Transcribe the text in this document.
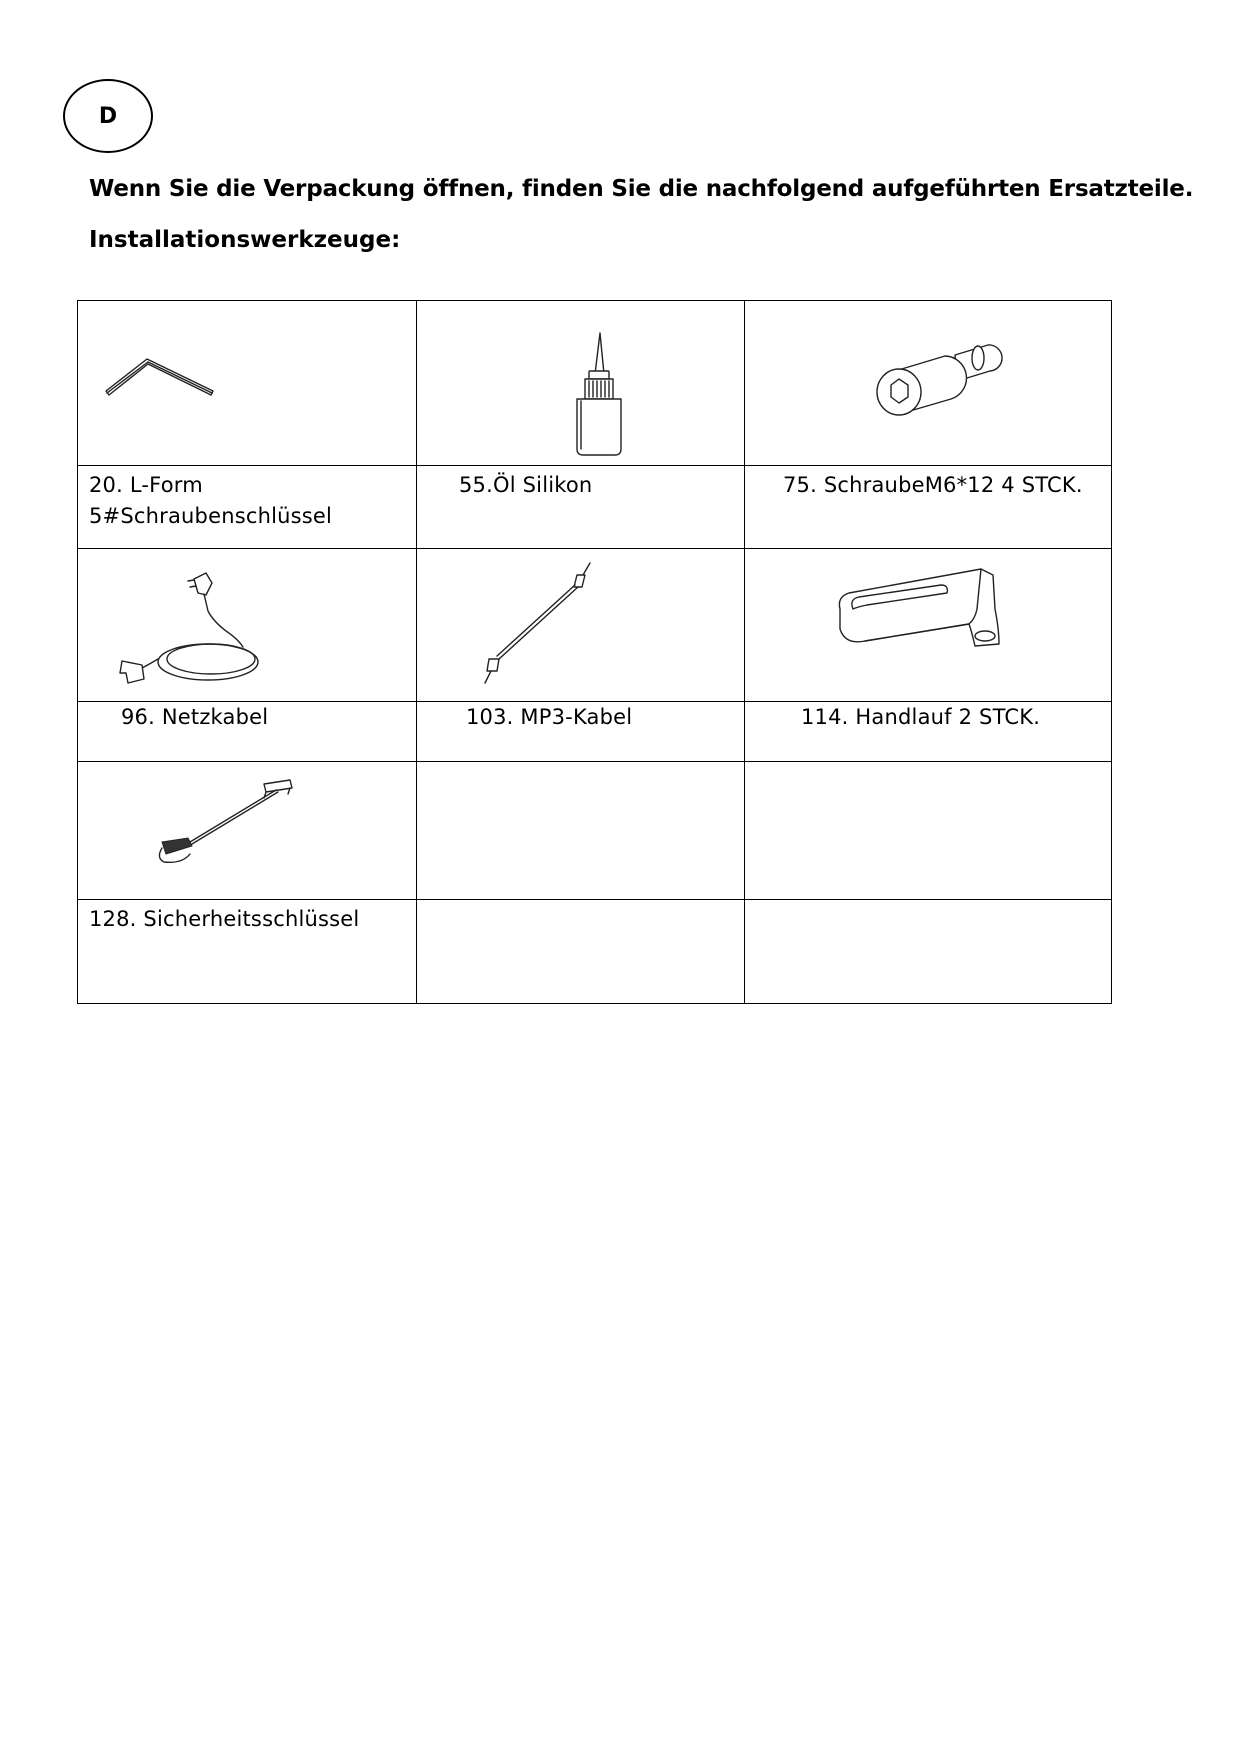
D
Wenn Sie die Verpackung öffnen, finden Sie die nachfolgend aufgeführten Ersatzteile.
Installationswerkzeuge:

20. L-Form
5#Schraubenschlüssel	55.Öl Silikon	75. SchraubeM6*12 4 STCK.

96. Netzkabel	103. MP3-Kabel	114. Handlauf 2 STCK.

128. Sicherheitsschlüssel		
